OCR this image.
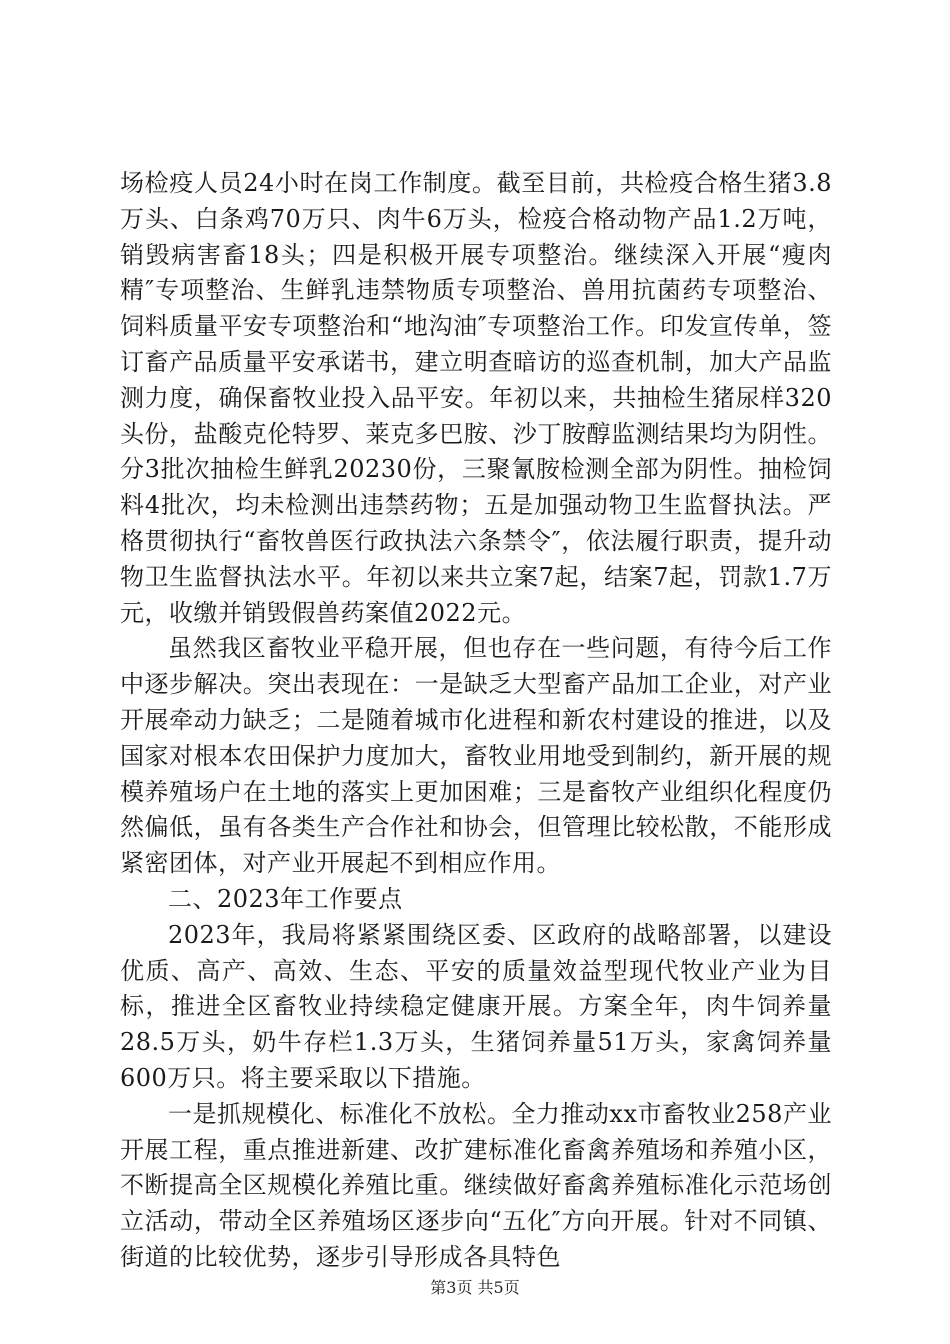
场检疫人员24小时在岗工作制度。截至目前，共检疫合格生猪3.8万头、白条鸡70万只、肉牛6万头，检疫合格动物产品1.2万吨，销毁病害畜18头；四是积极开展专项整治。继续深入开展“瘦肉精″专项整治、生鲜乳违禁物质专项整治、兽用抗菌药专项整治、饲料质量平安专项整治和“地沟油″专项整治工作。印发宣传单，签订畜产品质量平安承诺书，建立明查暗访的巡查机制，加大产品监测力度，确保畜牧业投入品平安。年初以来，共抽检生猪尿样320头份，盐酸克伦特罗、莱克多巴胺、沙丁胺醇监测结果均为阴性。分3批次抽检生鲜乳20230份，三聚氰胺检测全部为阴性。抽检饲料4批次，均未检测出违禁药物；五是加强动物卫生监督执法。严格贯彻执行“畜牧兽医行政执法六条禁令″，依法履行职责，提升动物卫生监督执法水平。年初以来共立案7起，结案7起，罚款1.7万元，收缴并销毁假兽药案值2022元。

虽然我区畜牧业平稳开展，但也存在一些问题，有待今后工作中逐步解决。突出表现在：一是缺乏大型畜产品加工企业，对产业开展牵动力缺乏；二是随着城市化进程和新农村建设的推进，以及国家对根本农田保护力度加大，畜牧业用地受到制约，新开展的规模养殖场户在土地的落实上更加困难；三是畜牧产业组织化程度仍然偏低，虽有各类生产合作社和协会，但管理比较松散，不能形成紧密团体，对产业开展起不到相应作用。

二、2023年工作要点

2023年，我局将紧紧围绕区委、区政府的战略部署，以建设优质、高产、高效、生态、平安的质量效益型现代牧业产业为目标，推进全区畜牧业持续稳定健康开展。方案全年，肉牛饲养量28.5万头，奶牛存栏1.3万头，生猪饲养量51万头，家禽饲养量600万只。将主要采取以下措施。

一是抓规模化、标准化不放松。全力推动xx市畜牧业258产业开展工程，重点推进新建、改扩建标准化畜禽养殖场和养殖小区，不断提高全区规模化养殖比重。继续做好畜禽养殖标准化示范场创立活动，带动全区养殖场区逐步向“五化″方向开展。针对不同镇、街道的比较优势，逐步引导形成各具特色

第3页 共5页
